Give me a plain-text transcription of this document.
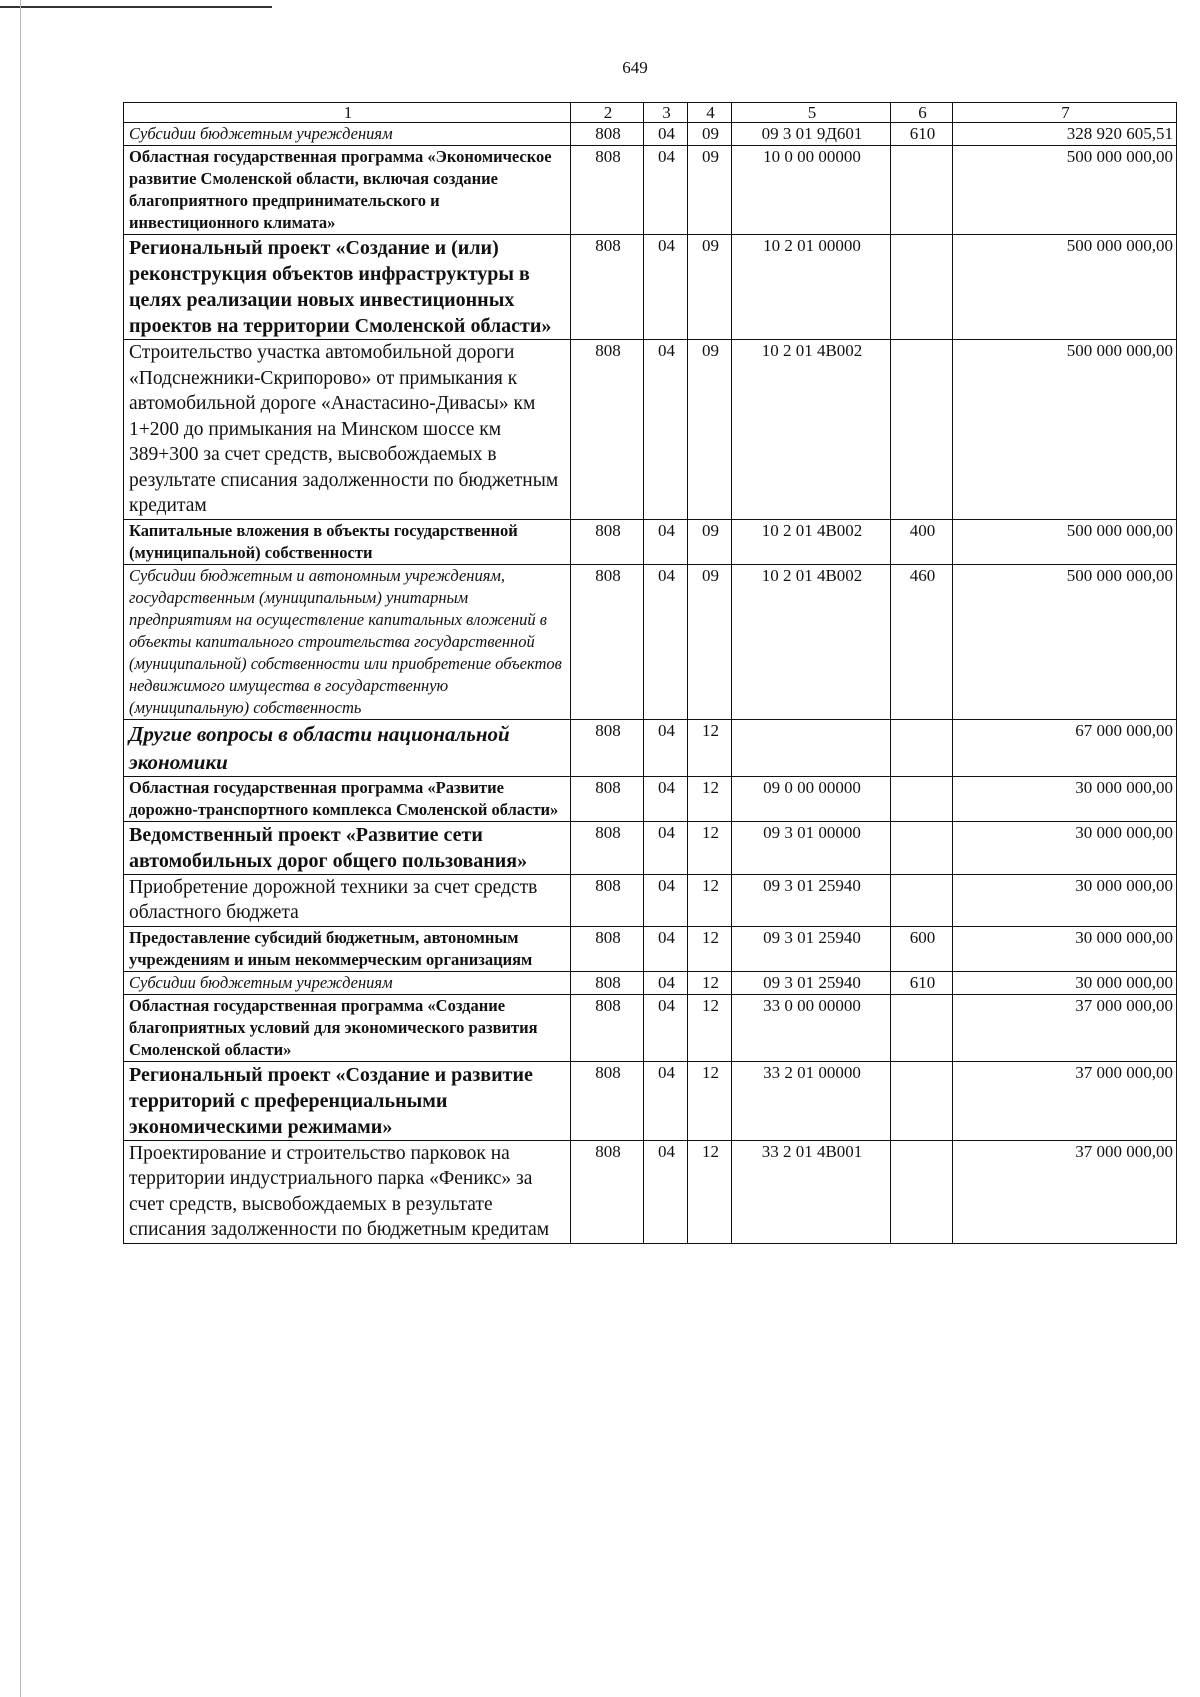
649
1	2	3	4	5	6	7
Субсидии бюджетным учреждениям	808	04	09	09 3 01 9Д601	610	328 920 605,51
Областная государственная программа «Экономическое развитие Смоленской области, включая создание благоприятного предпринимательского и инвестиционного климата»	808	04	09	10 0 00 00000		500 000 000,00
Региональный проект «Создание и (или) реконструкция объектов инфраструктуры в целях реализации новых инвестиционных проектов на территории Смоленской области»	808	04	09	10 2 01 00000		500 000 000,00
Строительство участка автомобильной дороги «Подснежники-Скрипорово» от примыкания к автомобильной дороге «Анастасино-Дивасы» км 1+200 до примыкания на Минском шоссе км 389+300 за счет средств, высвобождаемых в результате списания задолженности по бюджетным кредитам	808	04	09	10 2 01 4В002		500 000 000,00
Капитальные вложения в объекты государственной (муниципальной) собственности	808	04	09	10 2 01 4В002	400	500 000 000,00
Субсидии бюджетным и автономным учреждениям, государственным (муниципальным) унитарным предприятиям на осуществление капитальных вложений в объекты капитального строительства государственной (муниципальной) собственности или приобретение объектов недвижимого имущества в государственную (муниципальную) собственность	808	04	09	10 2 01 4В002	460	500 000 000,00
Другие вопросы в области национальной экономики	808	04	12			67 000 000,00
Областная государственная программа «Развитие дорожно-транспортного комплекса Смоленской области»	808	04	12	09 0 00 00000		30 000 000,00
Ведомственный проект «Развитие сети автомобильных дорог общего пользования»	808	04	12	09 3 01 00000		30 000 000,00
Приобретение дорожной техники за счет средств областного бюджета	808	04	12	09 3 01 25940		30 000 000,00
Предоставление субсидий бюджетным, автономным учреждениям и иным некоммерческим организациям	808	04	12	09 3 01 25940	600	30 000 000,00
Субсидии бюджетным учреждениям	808	04	12	09 3 01 25940	610	30 000 000,00
Областная государственная программа «Создание благоприятных условий для экономического развития Смоленской области»	808	04	12	33 0 00 00000		37 000 000,00
Региональный проект «Создание и развитие территорий с преференциальными экономическими режимами»	808	04	12	33 2 01 00000		37 000 000,00
Проектирование и строительство парковок на территории индустриального парка «Феникс» за счет средств, высвобождаемых в результате списания задолженности по бюджетным кредитам	808	04	12	33 2 01 4В001		37 000 000,00
